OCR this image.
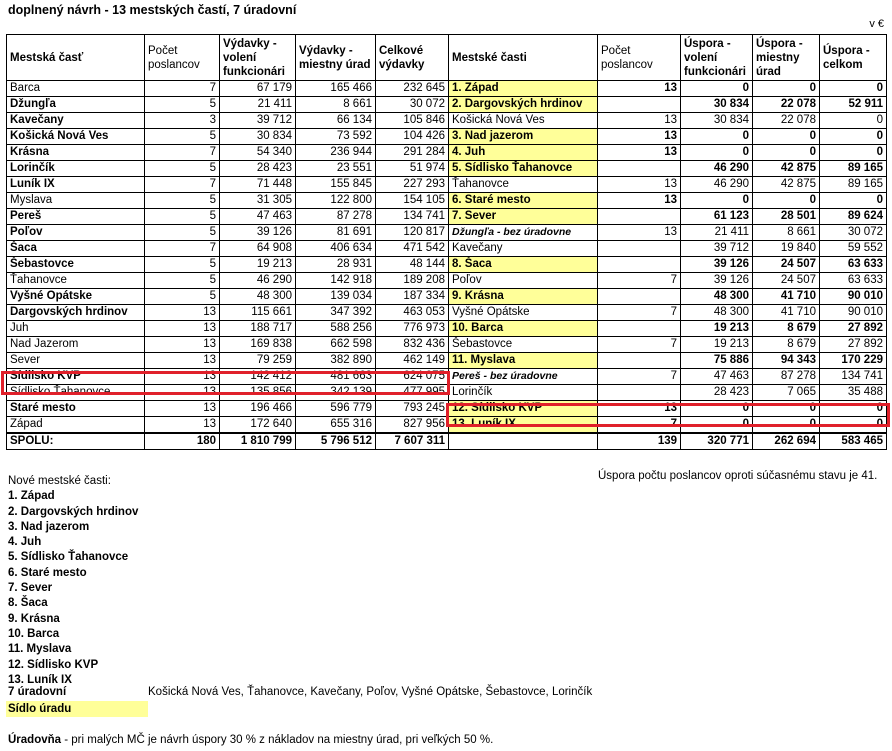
doplnený návrh - 13 mestských častí, 7 úradovní
v €
Mestská časť	Počet poslancov	Výdavky - volení funkcionári	Výdavky - miestny úrad	Celkové výdavky
Barca	7	67 179	165 466	232 645
Džungľa	5	21 411	8 661	30 072
Kavečany	3	39 712	66 134	105 846
Košická Nová Ves	5	30 834	73 592	104 426
Krásna	7	54 340	236 944	291 284
Lorinčík	5	28 423	23 551	51 974
Luník IX	7	71 448	155 845	227 293
Myslava	5	31 305	122 800	154 105
Pereš	5	47 463	87 278	134 741
Poľov	5	39 126	81 691	120 817
Šaca	7	64 908	406 634	471 542
Šebastovce	5	19 213	28 931	48 144
Ťahanovce	5	46 290	142 918	189 208
Vyšné Opátske	5	48 300	139 034	187 334
Dargovských hrdinov	13	115 661	347 392	463 053
Juh	13	188 717	588 256	776 973
Nad Jazerom	13	169 838	662 598	832 436
Sever	13	79 259	382 890	462 149
Sídlisko KVP	13	142 412	481 663	624 075
Sídlisko Ťahanovce	13	135 856	342 139	477 995
Staré mesto	13	196 466	596 779	793 245
Západ	13	172 640	655 316	827 956
SPOLU:	180	1 810 799	5 796 512	7 607 311
Mestské časti	Počet poslancov	Úspora - volení funkcionári	Úspora - miestny úrad	Úspora - celkom
1. Západ	13	0	0	0
2. Dargovských hrdinov		30 834	22 078	52 911
Košická Nová Ves	13	30 834	22 078	0
3. Nad jazerom	13	0	0	0
4. Juh	13	0	0	0
5. Sídlisko Ťahanovce		46 290	42 875	89 165
Ťahanovce	13	46 290	42 875	89 165
6. Staré mesto	13	0	0	0
7. Sever		61 123	28 501	89 624
Džungľa - bez úradovne	13	21 411	8 661	30 072
Kavečany		39 712	19 840	59 552
8. Šaca		39 126	24 507	63 633
Poľov	7	39 126	24 507	63 633
9. Krásna		48 300	41 710	90 010
Vyšné Opátske	7	48 300	41 710	90 010
10. Barca		19 213	8 679	27 892
Šebastovce	7	19 213	8 679	27 892
11. Myslava		75 886	94 343	170 229
Pereš - bez úradovne	7	47 463	87 278	134 741
Lorinčík		28 423	7 065	35 488
12. Sídlisko KVP	13	0	0	0
13. Luník IX	7	0	0	0
	139	320 771	262 694	583 465
Úspora počtu poslancov oproti súčasnému stavu je 41.
Nové mestské časti:
1. Západ
2. Dargovských hrdinov
3. Nad jazerom
4. Juh
5. Sídlisko Ťahanovce
6. Staré mesto
7. Sever
8. Šaca
9. Krásna
10. Barca
11. Myslava
12. Sídlisko KVP
13. Luník IX
7 úradovní	Košická Nová Ves, Ťahanovce, Kavečany, Poľov, Vyšné Opátske, Šebastovce, Lorinčík
Sídlo úradu
Úradovňa - pri malých MČ je návrh úspory 30 % z nákladov na miestny úrad, pri veľkých 50 %.
